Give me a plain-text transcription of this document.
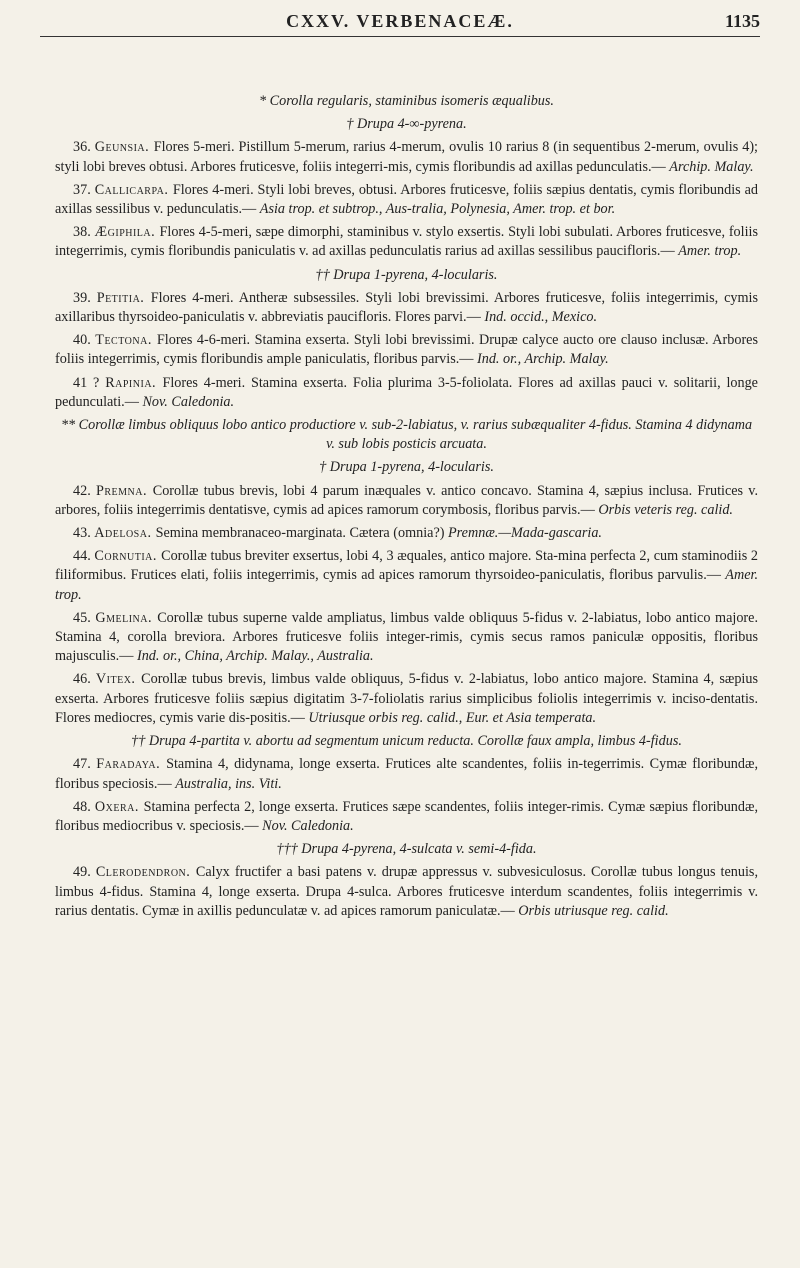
CXXV. VERBENACEÆ.	1135

* Corolla regularis, staminibus isomeris æqualibus.

† Drupa 4-∞-pyrena.

36. Geunsia. Flores 5-meri. Pistillum 5-merum, rarius 4-merum, ovulis 10 rarius 8 (in sequentibus 2-merum, ovulis 4); styli lobi breves obtusi. Arbores fruticesve, foliis integerri-mis, cymis floribundis ad axillas pedunculatis.— Archip. Malay.

37. Callicarpa. Flores 4-meri. Styli lobi breves, obtusi. Arbores fruticesve, foliis sæpius dentatis, cymis floribundis ad axillas sessilibus v. pedunculatis.— Asia trop. et subtrop., Aus-tralia, Polynesia, Amer. trop. et bor.

38. Ægiphila. Flores 4-5-meri, sæpe dimorphi, staminibus v. stylo exsertis. Styli lobi subulati. Arbores fruticesve, foliis integerrimis, cymis floribundis paniculatis v. ad axillas pedunculatis rarius ad axillas sessilibus paucifloris.— Amer. trop.

†† Drupa 1-pyrena, 4-locularis.

39. Petitia. Flores 4-meri. Antheræ subsessiles. Styli lobi brevissimi. Arbores fruticesve, foliis integerrimis, cymis axillaribus thyrsoideo-paniculatis v. abbreviatis paucifloris. Flores parvi.— Ind. occid., Mexico.

40. Tectona. Flores 4-6-meri. Stamina exserta. Styli lobi brevissimi. Drupæ calyce aucto ore clauso inclusæ. Arbores foliis integerrimis, cymis floribundis ample paniculatis, floribus parvis.— Ind. or., Archip. Malay.

41 ? Rapinia. Flores 4-meri. Stamina exserta. Folia plurima 3-5-foliolata. Flores ad axillas pauci v. solitarii, longe pedunculati.— Nov. Caledonia.

** Corollæ limbus obliquus lobo antico productiore v. sub-2-labiatus, v. rarius subæqualiter 4-fidus. Stamina 4 didynama v. sub lobis posticis arcuata.

† Drupa 1-pyrena, 4-locularis.

42. Premna. Corollæ tubus brevis, lobi 4 parum inæquales v. antico concavo. Stamina 4, sæpius inclusa. Frutices v. arbores, foliis integerrimis dentatisve, cymis ad apices ramorum corymbosis, floribus parvis.— Orbis veteris reg. calid.

43. Adelosa. Semina membranaceo-marginata. Cætera (omnia?) Premnæ.—Mada-gascaria.

44. Cornutia. Corollæ tubus breviter exsertus, lobi 4, 3 æquales, antico majore. Sta-mina perfecta 2, cum staminodiis 2 filiformibus. Frutices elati, foliis integerrimis, cymis ad apices ramorum thyrsoideo-paniculatis, floribus parvulis.— Amer. trop.

45. Gmelina. Corollæ tubus superne valde ampliatus, limbus valde obliquus 5-fidus v. 2-labiatus, lobo antico majore. Stamina 4, corolla breviora. Arbores fruticesve foliis integer-rimis, cymis secus ramos paniculæ oppositis, floribus majusculis.— Ind. or., China, Archip. Malay., Australia.

46. Vitex. Corollæ tubus brevis, limbus valde obliquus, 5-fidus v. 2-labiatus, lobo antico majore. Stamina 4, sæpius exserta. Arbores fruticesve foliis sæpius digitatim 3-7-foliolatis rarius simplicibus foliolis integerrimis v. inciso-dentatis. Flores mediocres, cymis varie dis-positis.— Utriusque orbis reg. calid., Eur. et Asia temperata.

†† Drupa 4-partita v. abortu ad segmentum unicum reducta. Corollæ faux ampla, limbus 4-fidus.

47. Faradaya. Stamina 4, didynama, longe exserta. Frutices alte scandentes, foliis in-tegerrimis. Cymæ floribundæ, floribus speciosis.— Australia, ins. Viti.

48. Oxera. Stamina perfecta 2, longe exserta. Frutices sæpe scandentes, foliis integer-rimis. Cymæ sæpius floribundæ, floribus mediocribus v. speciosis.— Nov. Caledonia.

††† Drupa 4-pyrena, 4-sulcata v. semi-4-fida.

49. Clerodendron. Calyx fructifer a basi patens v. drupæ appressus v. subvesiculosus. Corollæ tubus longus tenuis, limbus 4-fidus. Stamina 4, longe exserta. Drupa 4-sulca. Arbores fruticesve interdum scandentes, foliis integerrimis v. rarius dentatis. Cymæ in axillis pedunculatæ v. ad apices ramorum paniculatæ.— Orbis utriusque reg. calid.
